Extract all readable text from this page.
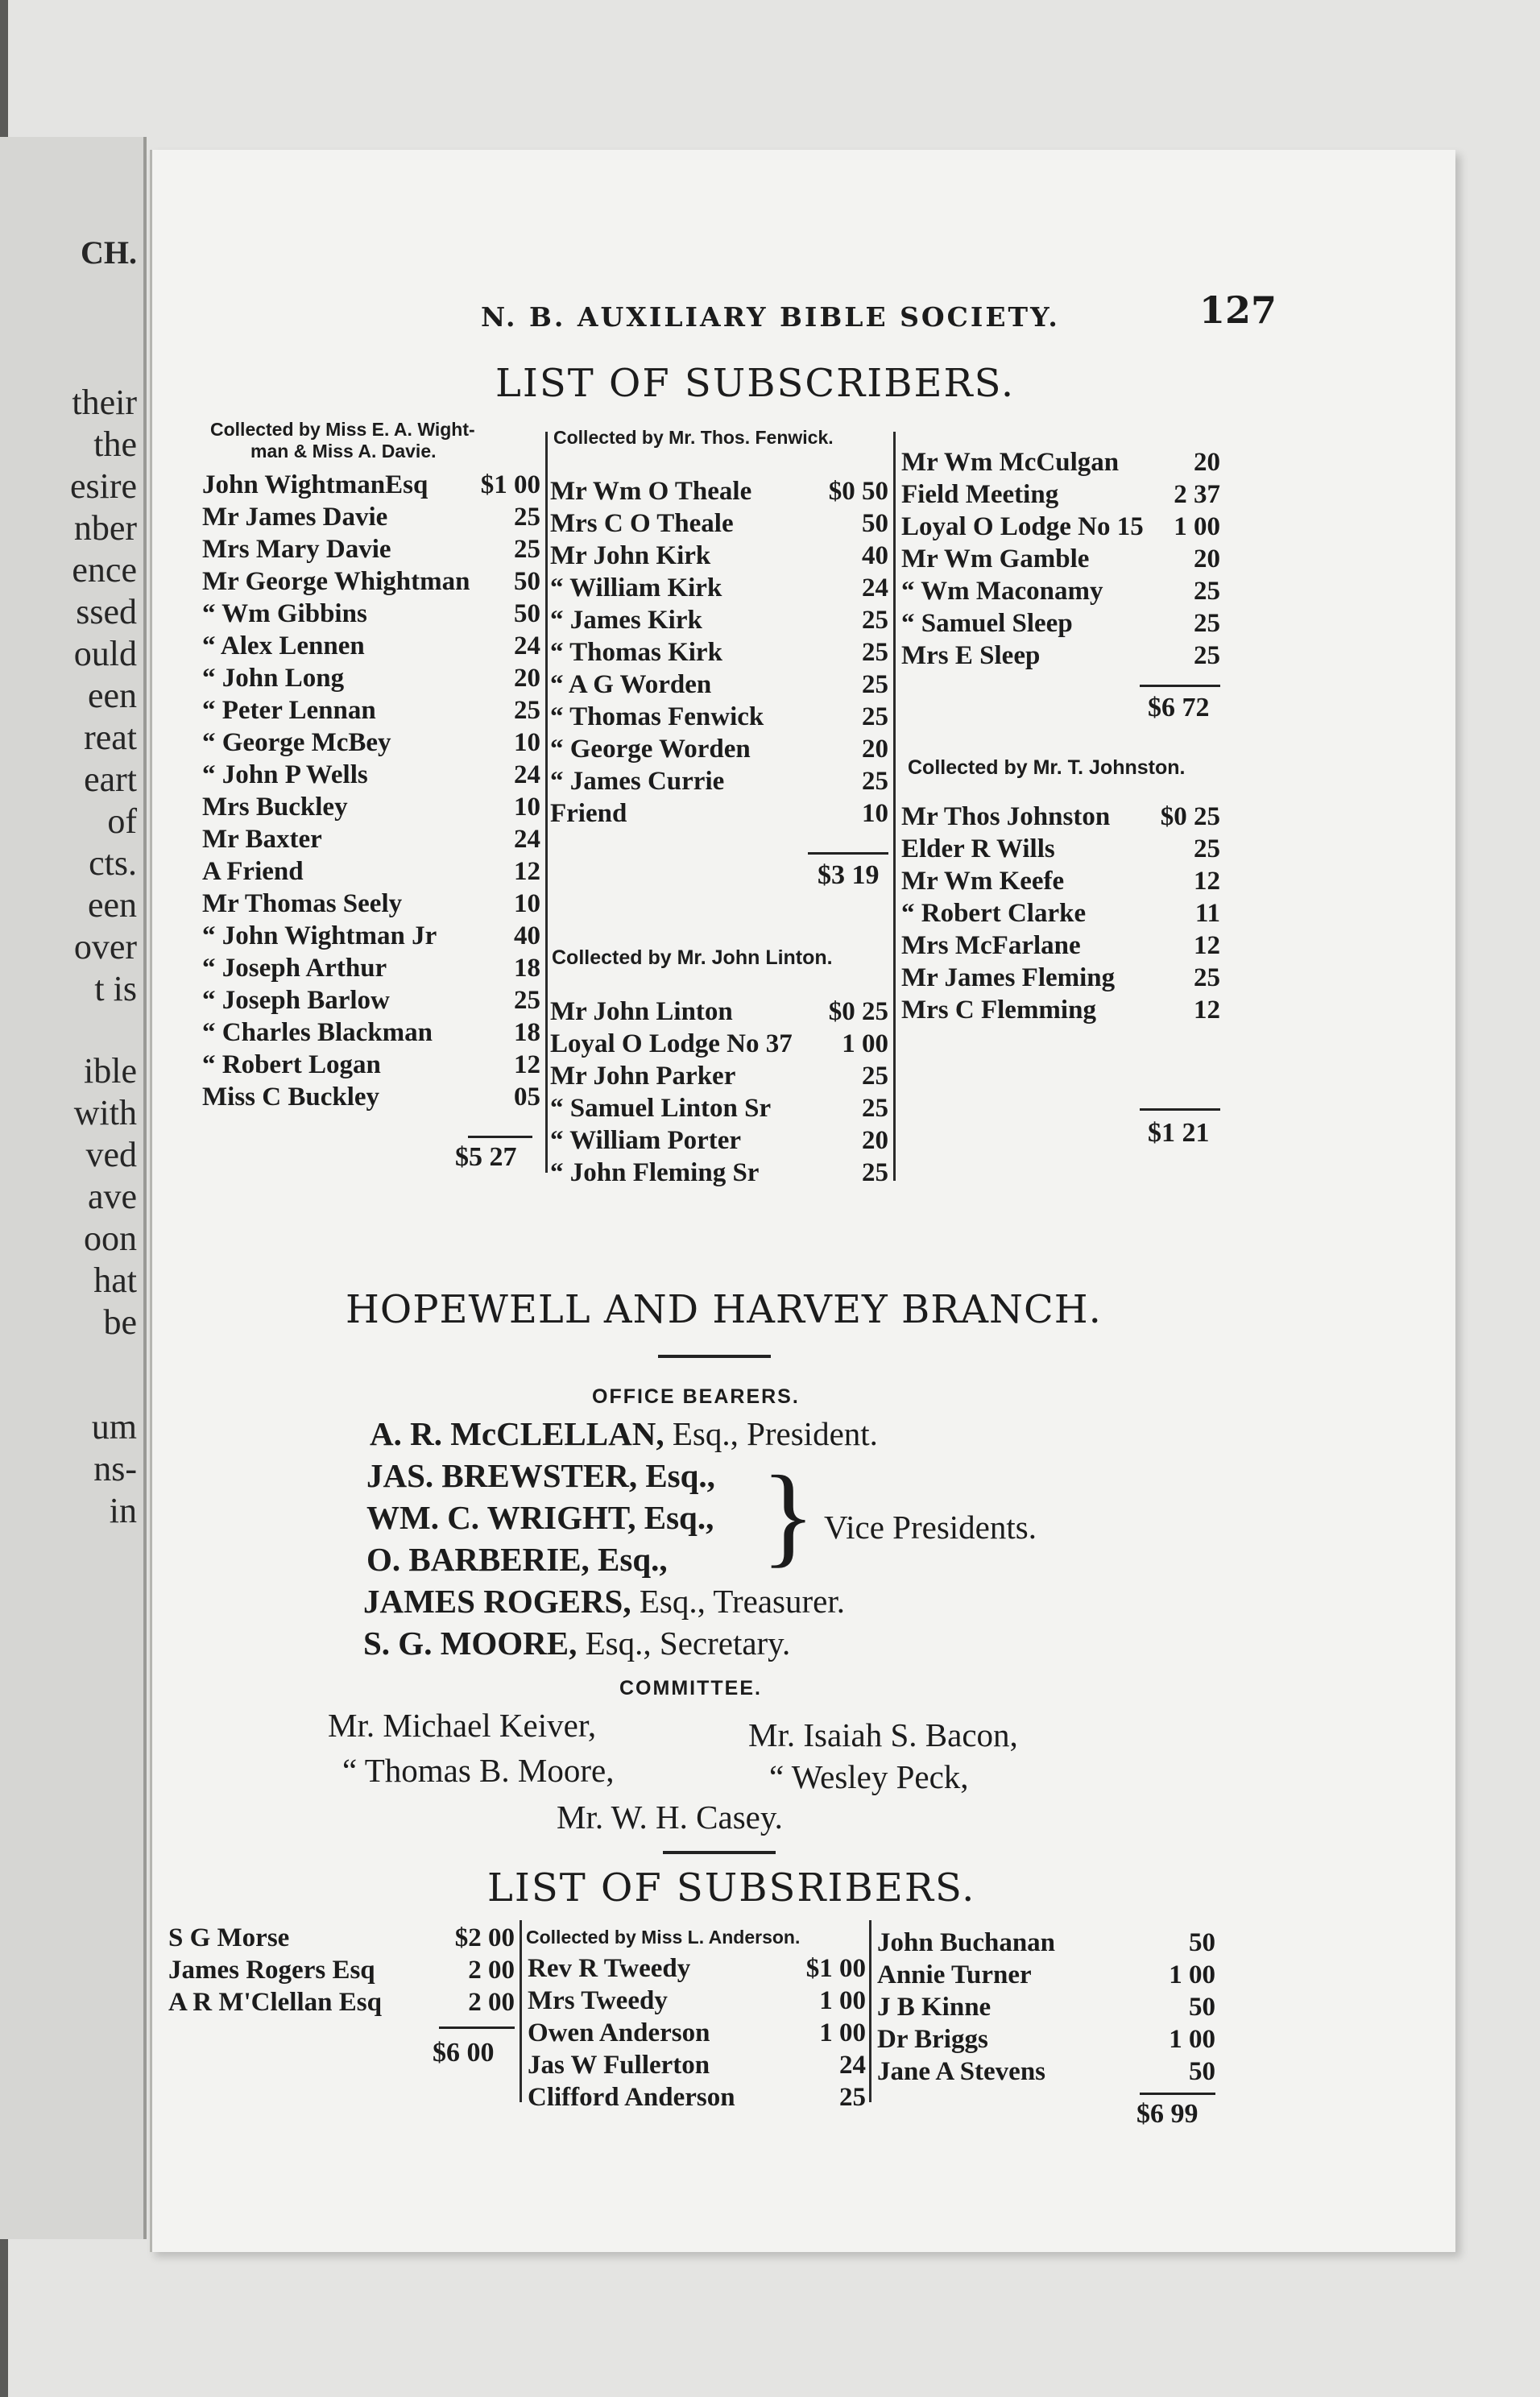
CH.
their
the
esire
nber
ence
ssed
ould
een
reat
eart
of
cts.
een
over
t is
ible
with
ved
ave
oon
hat
be
um
ns-
in
N. B. AUXILIARY BIBLE SOCIETY.	127
LIST OF SUBSCRIBERS.
Collected by Miss E. A. Wight-
man & Miss A. Davie.
John WightmanEsq $1 00
Mr James Davie	25
Mrs Mary Davie	25
Mr George Whightman 50
“ Wm Gibbins	50
“ Alex Lennen	24
“ John Long	20
“ Peter Lennan	25
“ George McBey	10
“ John P Wells	24
Mrs Buckley	10
Mr Baxter	24
A Friend	12
Mr Thomas Seely	10
“ John Wightman Jr	40
“ Joseph Arthur	18
“ Joseph Barlow	25
“ Charles Blackman	18
“ Robert Logan	12
Miss C Buckley	05
$5 27
Collected by Mr. Thos. Fenwick.
Mr Wm O Theale	$0 50
Mrs C O Theale	50
Mr John Kirk	40
“ William Kirk	24
“ James Kirk	25
“ Thomas Kirk	25
“ A G Worden	25
“ Thomas Fenwick	25
“ George Worden	20
“ James Currie	25
Friend	10
$3 19
Collected by Mr. John Linton.
Mr John Linton	$0 25
Loyal O Lodge No 37 1 00
Mr John Parker	25
“ Samuel Linton Sr	25
“ William Porter	20
“ John Fleming Sr	25
Mr Wm McCulgan	20
Field Meeting	2 37
Loyal O Lodge No 15 1 00
Mr Wm Gamble	20
“ Wm Maconamy	25
“ Samuel Sleep	25
Mrs E Sleep	25
$6 72
Collected by Mr. T. Johnston.
Mr Thos Johnston $0 25
Elder R Wills	25
Mr Wm Keefe	12
“ Robert Clarke	11
Mrs McFarlane	12
Mr James Fleming	25
Mrs C Flemming	12
$1 21
HOPEWELL AND HARVEY BRANCH.
OFFICE BEARERS.
A. R. McCLELLAN, Esq., President.
JAS. BREWSTER, Esq.,
WM. C. WRIGHT, Esq.,
O. BARBERIE, Esq., } Vice Presidents.
JAMES ROGERS, Esq., Treasurer.
S. G. MOORE, Esq., Secretary.
COMMITTEE.
Mr. Michael Keiver,	Mr. Isaiah S. Bacon,
“ Thomas B. Moore,	“ Wesley Peck,
Mr. W. H. Casey.
LIST OF SUBSRIBERS.
S G Morse	$2 00
James Rogers Esq	2 00
A R M'Clellan Esq	2 00
$6 00
Collected by Miss L. Anderson.
Rev R Tweedy	$1 00
Mrs Tweedy	1 00
Owen Anderson	1 00
Jas W Fullerton	24
Clifford Anderson	25
John Buchanan	50
Annie Turner	1 00
J B Kinne	50
Dr Briggs	1 00
Jane A Stevens	50
$6 99
